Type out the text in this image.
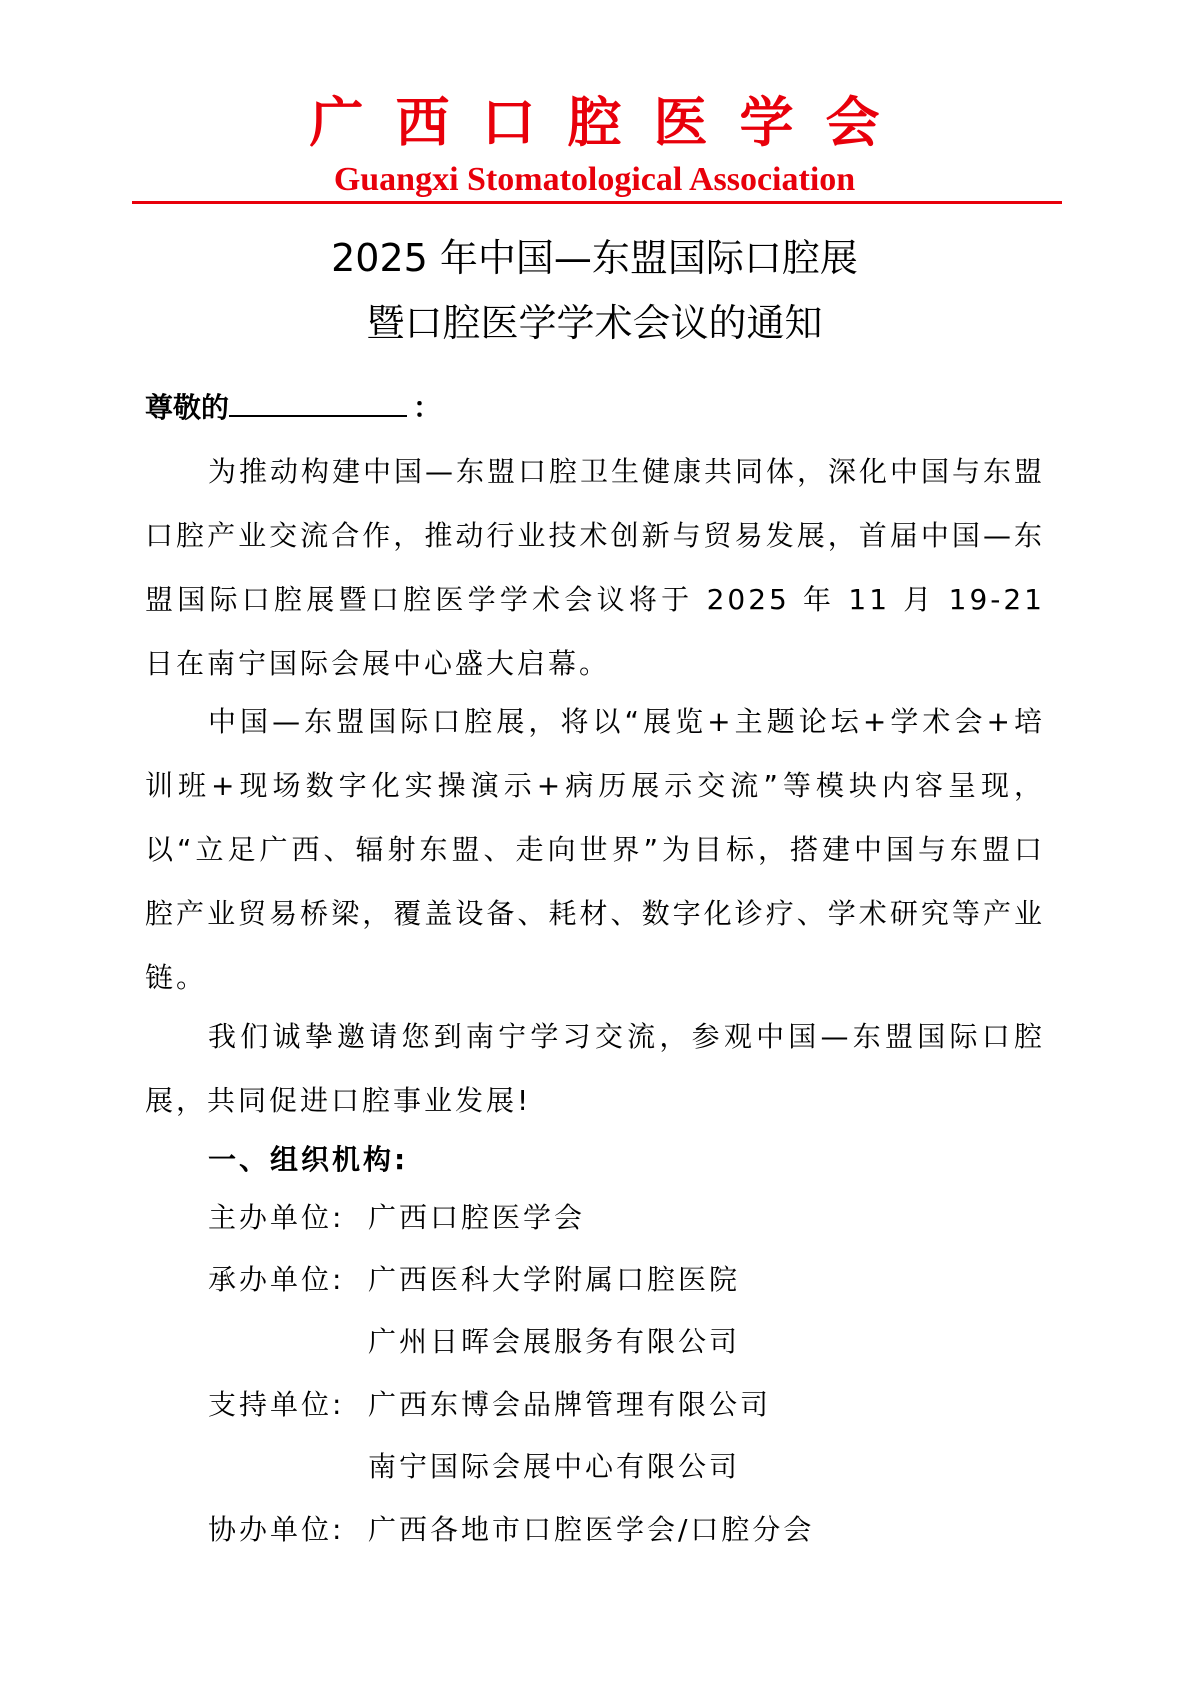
广西口腔医学会
Guangxi Stomatological Association
2025 年中国—东盟国际口腔展
暨口腔医学学术会议的通知
尊敬的	：

为推动构建中国—东盟口腔卫生健康共同体，深化中国与东盟口腔产业交流合作，推动行业技术创新与贸易发展，首届中国—东盟国际口腔展暨口腔医学学术会议将于 2025 年 11 月 19-21 日在南宁国际会展中心盛大启幕。

中国—东盟国际口腔展，将以“展览+主题论坛+学术会+培训班+现场数字化实操演示+病历展示交流”等模块内容呈现，以“立足广西、辐射东盟、走向世界”为目标，搭建中国与东盟口腔产业贸易桥梁，覆盖设备、耗材、数字化诊疗、学术研究等产业链。

我们诚挚邀请您到南宁学习交流，参观中国—东盟国际口腔展，共同促进口腔事业发展!

一、组织机构:
主办单位: 广西口腔医学会
承办单位: 广西医科大学附属口腔医院
广州日晖会展服务有限公司
支持单位: 广西东博会品牌管理有限公司
南宁国际会展中心有限公司
协办单位: 广西各地市口腔医学会/口腔分会
